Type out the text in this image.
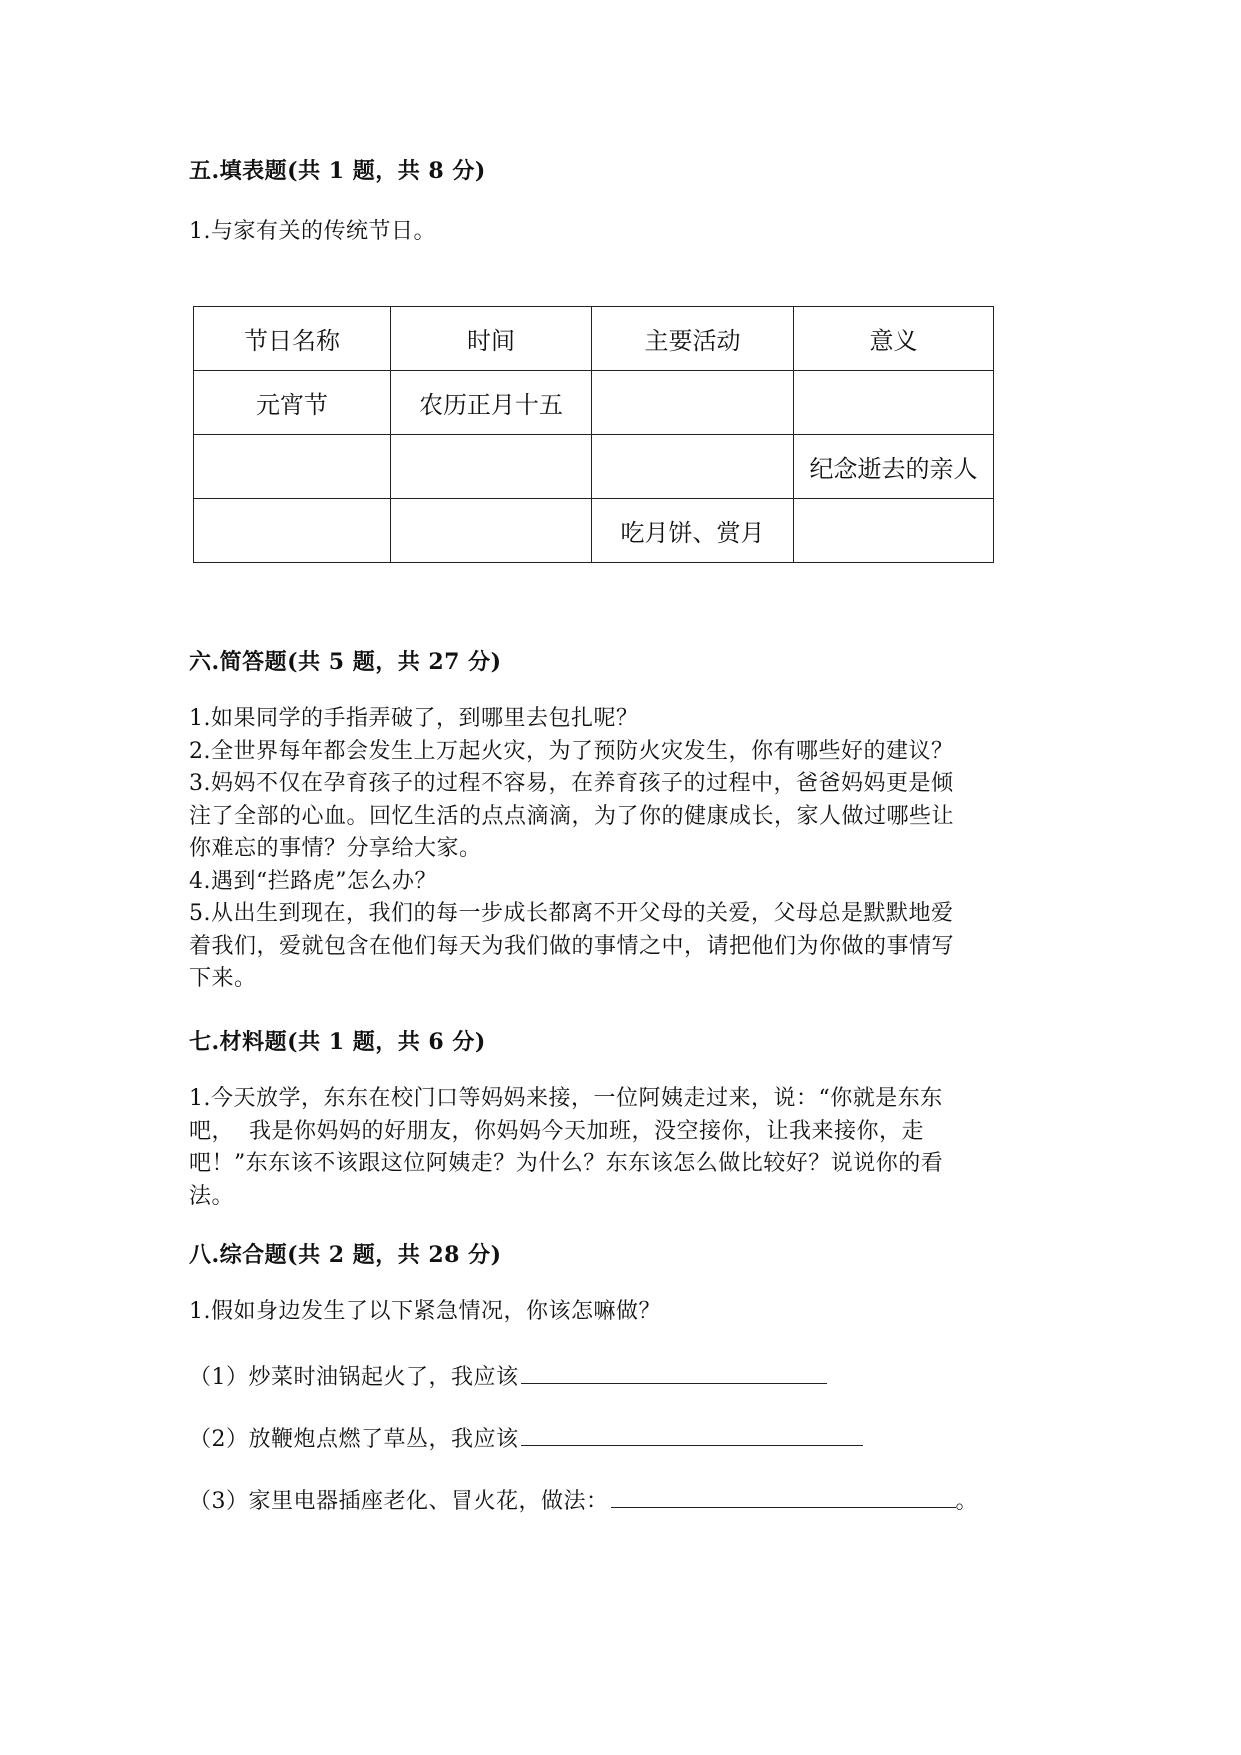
五.填表题(共 1 题，共 8 分)
1.与家有关的传统节日。
节日名称	时间	主要活动	意义
元宵节	农历正月十五		
			纪念逝去的亲人
		吃月饼、赏月	
六.简答题(共 5 题，共 27 分)
1.如果同学的手指弄破了，到哪里去包扎呢？
2.全世界每年都会发生上万起火灾，为了预防火灾发生，你有哪些好的建议？
3.妈妈不仅在孕育孩子的过程不容易，在养育孩子的过程中，爸爸妈妈更是倾
注了全部的心血。回忆生活的点点滴滴，为了你的健康成长，家人做过哪些让
你难忘的事情？分享给大家。
4.遇到“拦路虎”怎么办？
5.从出生到现在，我们的每一步成长都离不开父母的关爱，父母总是默默地爱
着我们，爱就包含在他们每天为我们做的事情之中，请把他们为你做的事情写
下来。
七.材料题(共 1 题，共 6 分)
1.今天放学，东东在校门口等妈妈来接，一位阿姨走过来，说：“你就是东东
吧，  我是你妈妈的好朋友，你妈妈今天加班，没空接你，让我来接你，走
吧！”东东该不该跟这位阿姨走？为什么？东东该怎么做比较好？说说你的看
法。
八.综合题(共 2 题，共 28 分)
1.假如身边发生了以下紧急情况，你该怎嘛做？
（1）炒菜时油锅起火了，我应该
（2）放鞭炮点燃了草丛，我应该
（3）家里电器插座老化、冒火花，做法：	。
